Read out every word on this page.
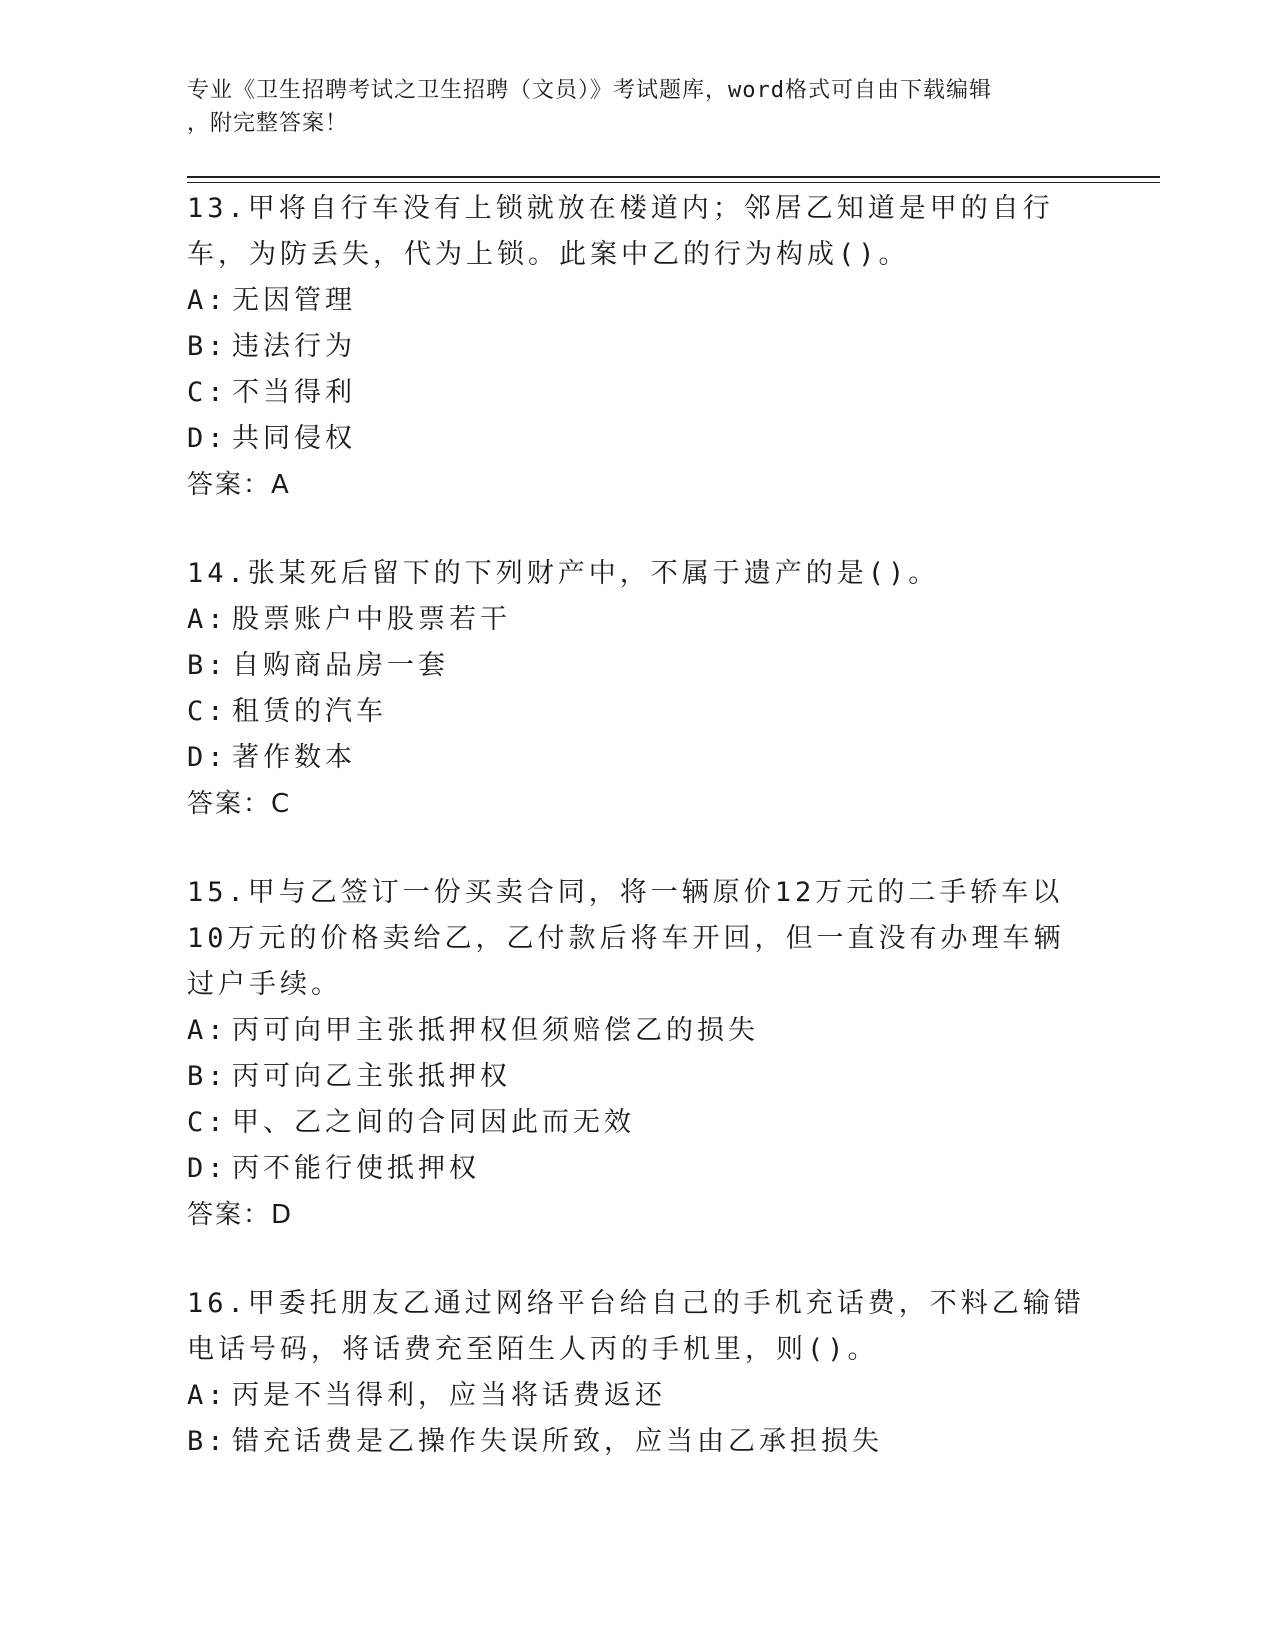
专业《卫生招聘考试之卫生招聘（文员）》考试题库，word格式可自由下载编辑
，附完整答案！
13.甲将自行车没有上锁就放在楼道内；邻居乙知道是甲的自行车，为防丢失，代为上锁。此案中乙的行为构成()。
A: 无因管理
B: 违法行为
C: 不当得利
D: 共同侵权
答案：A
14.张某死后留下的下列财产中，不属于遗产的是()。
A: 股票账户中股票若干
B: 自购商品房一套
C: 租赁的汽车
D: 著作数本
答案：C
15.甲与乙签订一份买卖合同，将一辆原价12万元的二手轿车以10万元的价格卖给乙，乙付款后将车开回，但一直没有办理车辆过户手续。
A: 丙可向甲主张抵押权但须赔偿乙的损失
B: 丙可向乙主张抵押权
C: 甲、乙之间的合同因此而无效
D: 丙不能行使抵押权
答案：D
16.甲委托朋友乙通过网络平台给自己的手机充话费，不料乙输错电话号码，将话费充至陌生人丙的手机里，则()。
A: 丙是不当得利，应当将话费返还
B: 错充话费是乙操作失误所致，应当由乙承担损失
